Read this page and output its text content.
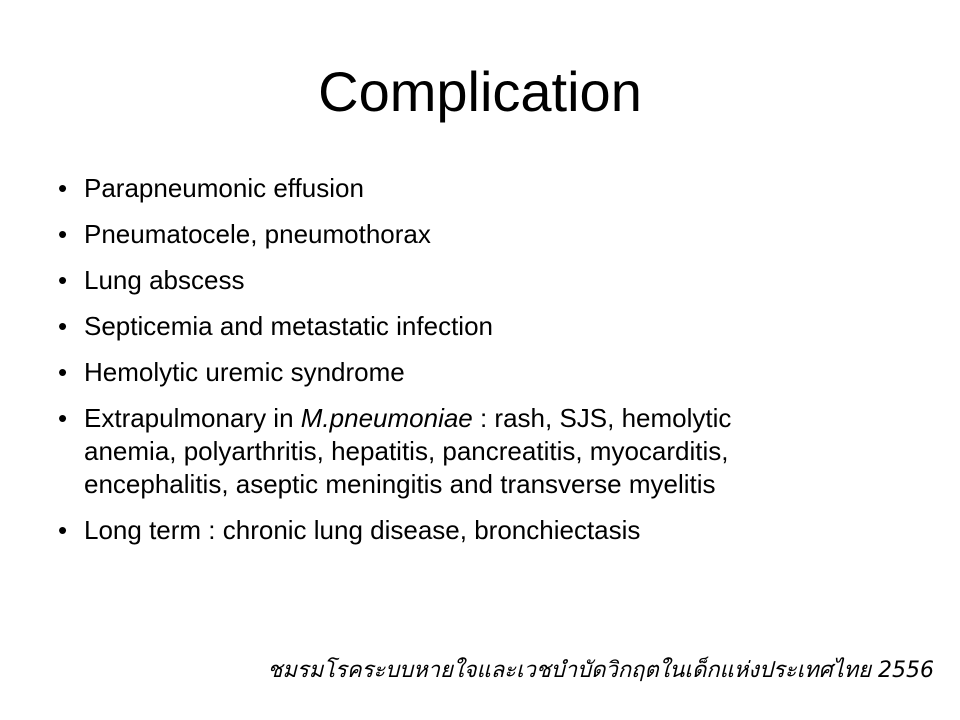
Complication
• Parapneumonic effusion
• Pneumatocele, pneumothorax
• Lung abscess
• Septicemia and metastatic infection
• Hemolytic uremic syndrome
• Extrapulmonary in M.pneumoniae : rash, SJS, hemolytic
anemia, polyarthritis, hepatitis, pancreatitis, myocarditis,
encephalitis, aseptic meningitis and transverse myelitis
• Long term : chronic lung disease, bronchiectasis
ชมรมโรคระบบหายใจและเวชบำบัดวิกฤตในเด็กแห่งประเทศไทย 2556
